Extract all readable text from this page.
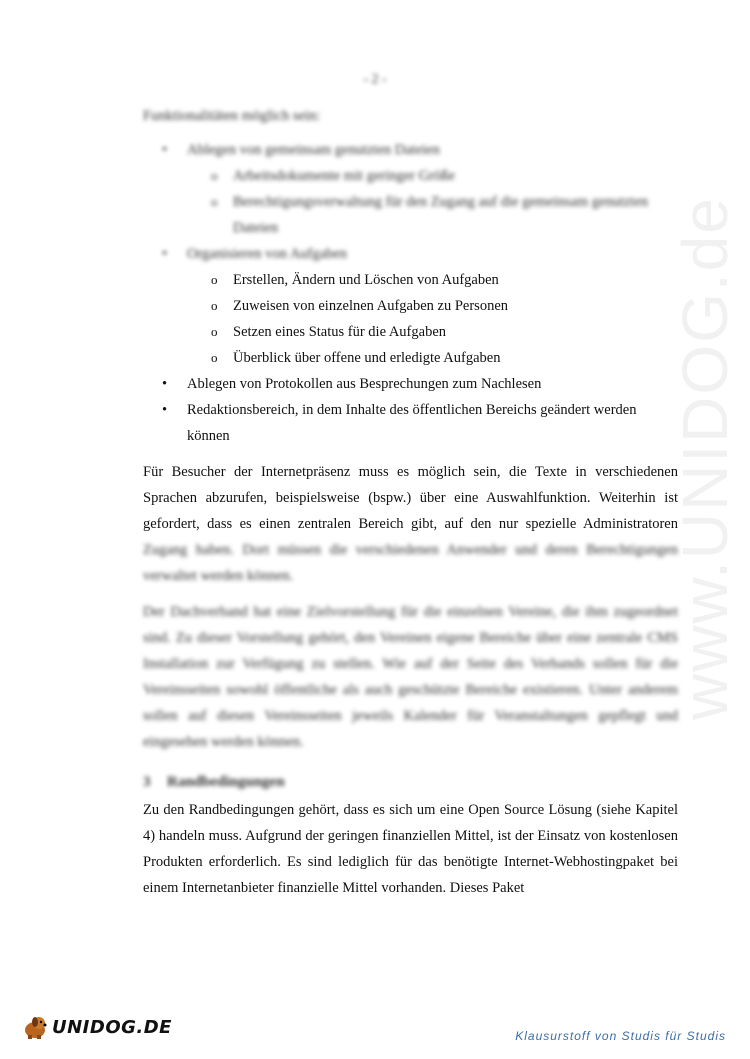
- 2 -
www.UNIDOG.de

Funktionalitäten möglich sein:

• Ablegen von gemeinsam genutzten Dateien
o Arbeitsdokumente mit geringer Größe
o Berechtigungsverwaltung für den Zugang auf die gemeinsam genutzten Dateien
• Organisieren von Aufgaben
o Erstellen, Ändern und Löschen von Aufgaben
o Zuweisen von einzelnen Aufgaben zu Personen
o Setzen eines Status für die Aufgaben
o Überblick über offene und erledigte Aufgaben
• Ablegen von Protokollen aus Besprechungen zum Nachlesen
• Redaktionsbereich, in dem Inhalte des öffentlichen Bereichs geändert werden können

Für Besucher der Internetpräsenz muss es möglich sein, die Texte in verschiedenen Sprachen abzurufen, beispielsweise (bspw.) über eine Auswahlfunktion. Weiterhin ist gefordert, dass es einen zentralen Bereich gibt, auf den nur spezielle Administratoren Zugang haben. Dort müssen die verschiedenen Anwender und deren Berechtigungen verwaltet werden können.

Der Dachverband hat eine Zielvorstellung für die einzelnen Vereine, die ihm zugeordnet sind. Zu dieser Vorstellung gehört, den Vereinen eigene Bereiche über eine zentrale CMS Installation zur Verfügung zu stellen. Wie auf der Seite des Verbands sollen für die Vereinsseiten sowohl öffentliche als auch geschützte Bereiche existieren. Unter anderem sollen auf diesen Vereinsseiten jeweils Kalender für Veranstaltungen gepflegt und eingesehen werden können.

3 Randbedingungen

Zu den Randbedingungen gehört, dass es sich um eine Open Source Lösung (siehe Kapitel 4) handeln muss. Aufgrund der geringen finanziellen Mittel, ist der Einsatz von kostenlosen Produkten erforderlich. Es sind lediglich für das benötigte Internet-Webhostingpaket bei einem Internetanbieter finanzielle Mittel vorhanden. Dieses Paket

UNIDOG.DE	Klausurstoff von Studis für Studis
